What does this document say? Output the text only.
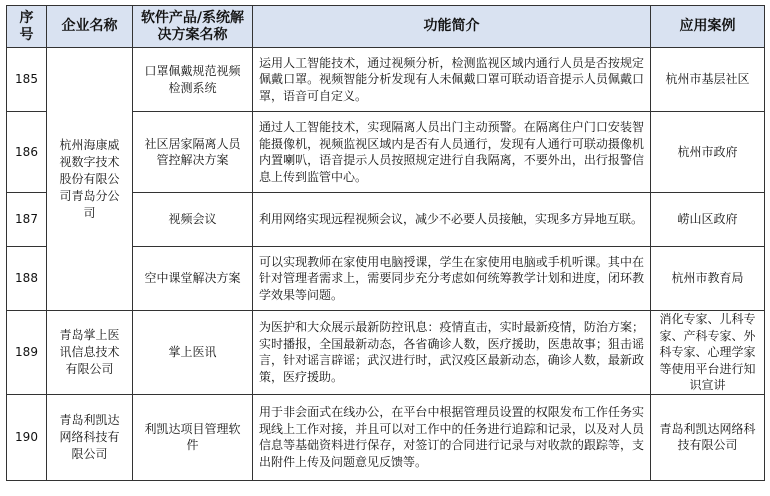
序号	企业名称	软件产品/系统解决方案名称	功能简介	应用案例
185	杭州海康威视数字技术股份有限公司青岛分公司	口罩佩戴规范视频检测系统	运用人工智能技术，通过视频分析，检测监视区域内通行人员是否按规定佩戴口罩。视频智能分析发现有人未佩戴口罩可联动语音提示人员佩戴口罩，语音可自定义。	杭州市基层社区
186		社区居家隔离人员管控解决方案	通过人工智能技术，实现隔离人员出门主动预警。在隔离住户门口安装智能摄像机，视频监视区域内是否有人员通行，发现有人通行可联动摄像机内置喇叭，语音提示人员按照规定进行自我隔离，不要外出，出行报警信息上传到监管中心。	杭州市政府
187		视频会议	利用网络实现远程视频会议，减少不必要人员接触，实现多方异地互联。	崂山区政府
188		空中课堂解决方案	可以实现教师在家使用电脑授课，学生在家使用电脑或手机听课。其中在针对管理者需求上，需要同步充分考虑如何统筹教学计划和进度，闭环教学效果等问题。	杭州市教育局
189	青岛掌上医讯信息技术有限公司	掌上医讯	为医护和大众展示最新防控讯息：疫情直击，实时最新疫情，防治方案；实时播报，全国最新动态，各省确诊人数，医疗援助，医患故事；狙击谣言，针对谣言辟谣；武汉进行时，武汉疫区最新动态，确诊人数，最新政策，医疗援助。	消化专家、儿科专家、产科专家、外科专家、心理学家等使用平台进行知识宣讲
190	青岛利凯达网络科技有限公司	利凯达项目管理软件	用于非会面式在线办公，在平台中根据管理员设置的权限发布工作任务实现线上工作对接，并且可以对工作中的任务进行追踪和记录，以及对人员信息等基础资料进行保存，对签订的合同进行记录与对收款的跟踪等，支出附件上传及问题意见反馈等。	青岛利凯达网络科技有限公司
